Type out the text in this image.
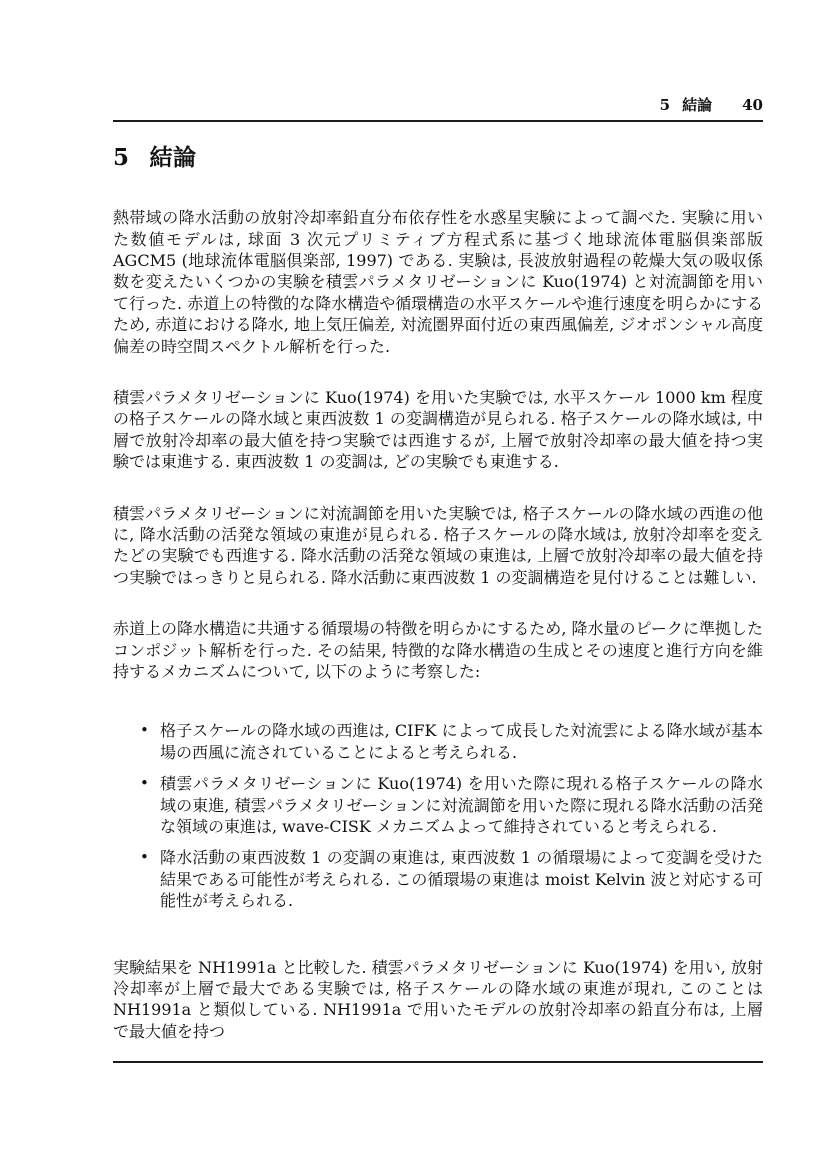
5 結論 40
5 結論

熱帯域の降水活動の放射冷却率鉛直分布依存性を水惑星実験によって調べた. 実験に用いた数値モデルは, 球面 3 次元プリミティブ方程式系に基づく地球流体電脳倶楽部版 AGCM5 (地球流体電脳倶楽部, 1997) である. 実験は, 長波放射過程の乾燥大気の吸収係数を変えたいくつかの実験を積雲パラメタリゼーションに Kuo(1974) と対流調節を用いて行った. 赤道上の特徴的な降水構造や循環構造の水平スケールや進行速度を明らかにするため, 赤道における降水, 地上気圧偏差, 対流圏界面付近の東西風偏差, ジオポンシャル高度偏差の時空間スペクトル解析を行った.

積雲パラメタリゼーションに Kuo(1974) を用いた実験では, 水平スケール 1000 km 程度の格子スケールの降水域と東西波数 1 の変調構造が見られる. 格子スケールの降水域は, 中層で放射冷却率の最大値を持つ実験では西進するが, 上層で放射冷却率の最大値を持つ実験では東進する. 東西波数 1 の変調は, どの実験でも東進する.

積雲パラメタリゼーションに対流調節を用いた実験では, 格子スケールの降水域の西進の他に, 降水活動の活発な領域の東進が見られる. 格子スケールの降水域は, 放射冷却率を変えたどの実験でも西進する. 降水活動の活発な領域の東進は, 上層で放射冷却率の最大値を持つ実験ではっきりと見られる. 降水活動に東西波数 1 の変調構造を見付けることは難しい.

赤道上の降水構造に共通する循環場の特徴を明らかにするため, 降水量のピークに準拠したコンポジット解析を行った. その結果, 特徴的な降水構造の生成とその速度と進行方向を維持するメカニズムについて, 以下のように考察した:

• 格子スケールの降水域の西進は, CIFK によって成長した対流雲による降水域が基本場の西風に流されていることによると考えられる.
• 積雲パラメタリゼーションに Kuo(1974) を用いた際に現れる格子スケールの降水域の東進, 積雲パラメタリゼーションに対流調節を用いた際に現れる降水活動の活発な領域の東進は, wave-CISK メカニズムよって維持されていると考えられる.
• 降水活動の東西波数 1 の変調の東進は, 東西波数 1 の循環場によって変調を受けた結果である可能性が考えられる. この循環場の東進は moist Kelvin 波と対応する可能性が考えられる.

実験結果を NH1991a と比較した. 積雲パラメタリゼーションに Kuo(1974) を用い, 放射冷却率が上層で最大である実験では, 格子スケールの降水域の東進が現れ, このことは NH1991a と類似している. NH1991a で用いたモデルの放射冷却率の鉛直分布は, 上層で最大値を持つ
